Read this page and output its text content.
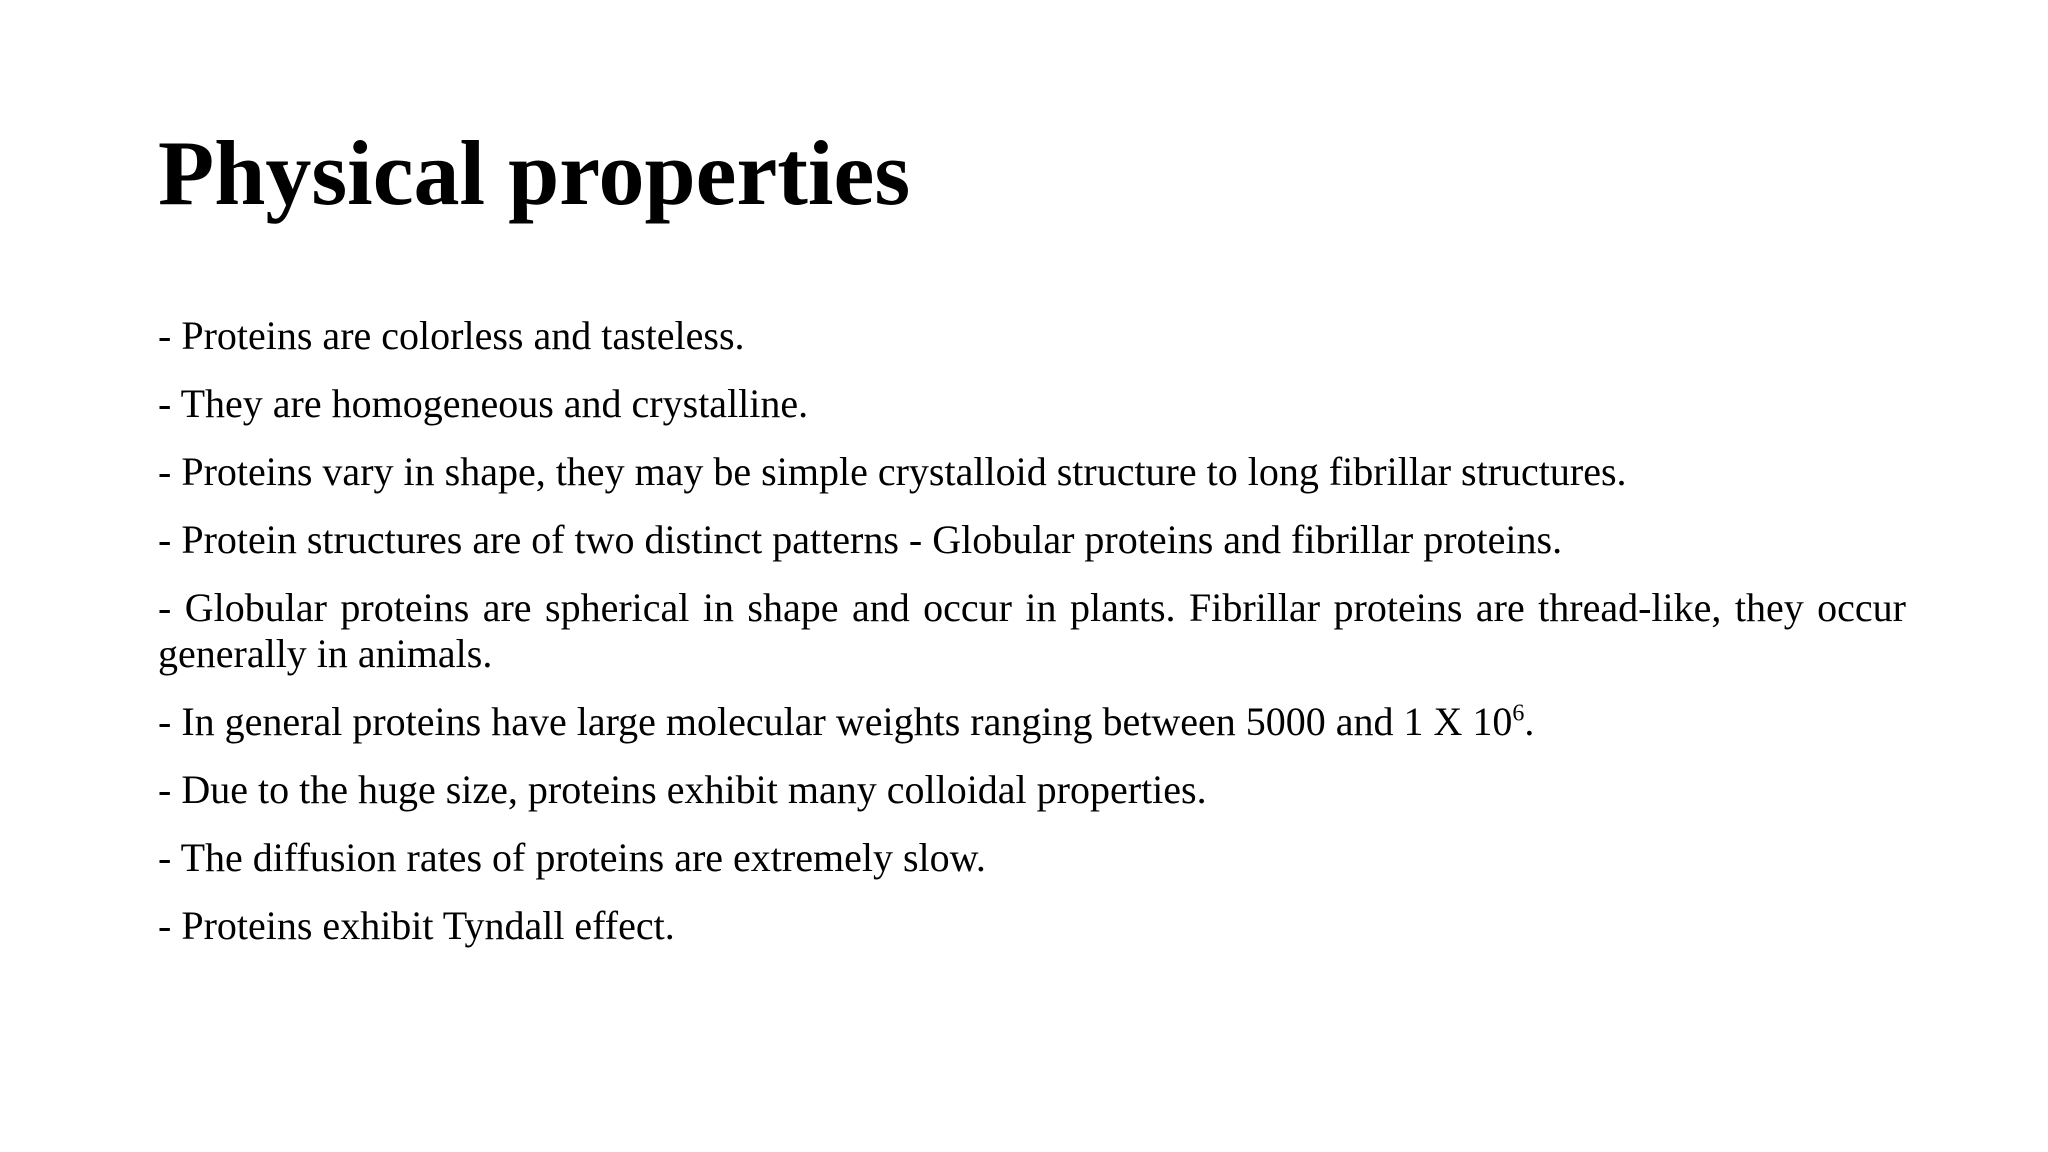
Physical properties
- Proteins are colorless and tasteless.
- They are homogeneous and crystalline.
- Proteins vary in shape, they may be simple crystalloid structure to long fibrillar structures.
- Protein structures are of two distinct patterns - Globular proteins and fibrillar proteins.
- Globular proteins are spherical in shape and occur in plants. Fibrillar proteins are thread-like, they occur generally in animals.
- In general proteins have large molecular weights ranging between 5000 and 1 X $10^6$.
- Due to the huge size, proteins exhibit many colloidal properties.
- The diffusion rates of proteins are extremely slow.
- Proteins exhibit Tyndall effect.
